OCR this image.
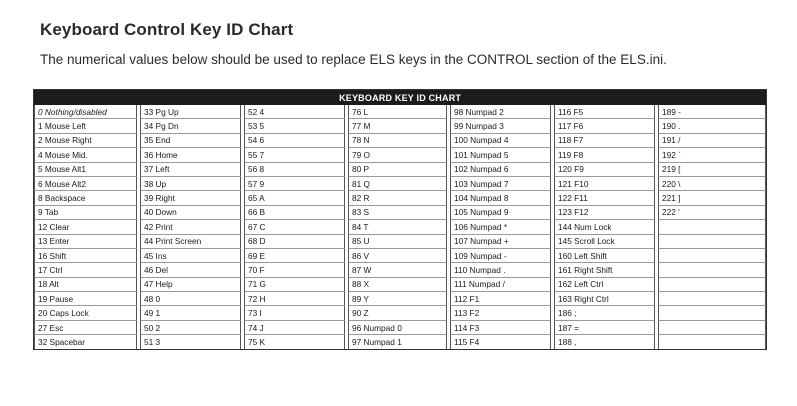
Keyboard Control Key ID Chart
The numerical values below should be used to replace ELS keys in the CONTROL section of the ELS.ini.
KEYBOARD KEY ID CHART												
0 Nothing/disabled		33 Pg Up		52 4		76 L		98 Numpad 2		116 F5		189 -
1 Mouse Left		34 Pg Dn		53 5		77 M		99 Numpad 3		117 F6		190 .
2 Mouse Right		35 End		54 6		78 N		100 Numpad 4		118 F7		191 /
4 Mouse Mid.		36 Home		55 7		79 O		101 Numpad 5		119 F8		192 `
5 Mouse Alt1		37 Left		56 8		80 P		102 Numpad 6		120 F9		219 [
6 Mouse Alt2		38 Up		57 9		81 Q		103 Numpad 7		121 F10		220 \
8 Backspace		39 Right		65 A		82 R		104 Numpad 8		122 F11		221 ]
9 Tab		40 Down		66 B		83 S		105 Numpad 9		123 F12		222 '
12 Clear		42 Print		67 C		84 T		106 Numpad *		144 Num Lock		
13 Enter		44 Print Screen		68 D		85 U		107 Numpad +		145 Scroll Lock		
16 Shift		45 Ins		69 E		86 V		109 Numpad -		160 Left Shift		
17 Ctrl		46 Del		70 F		87 W		110 Numpad .		161 Right Shift		
18 Alt		47 Help		71 G		88 X		111 Numpad /		162 Left Ctrl		
19 Pause		48 0		72 H		89 Y		112 F1		163 Right Ctrl		
20 Caps Lock		49 1		73 I		90 Z		113 F2		186 ;		
27 Esc		50 2		74 J		96 Numpad 0		114 F3		187 =		
32 Spacebar		51 3		75 K		97 Numpad 1		115 F4		188 ,		
